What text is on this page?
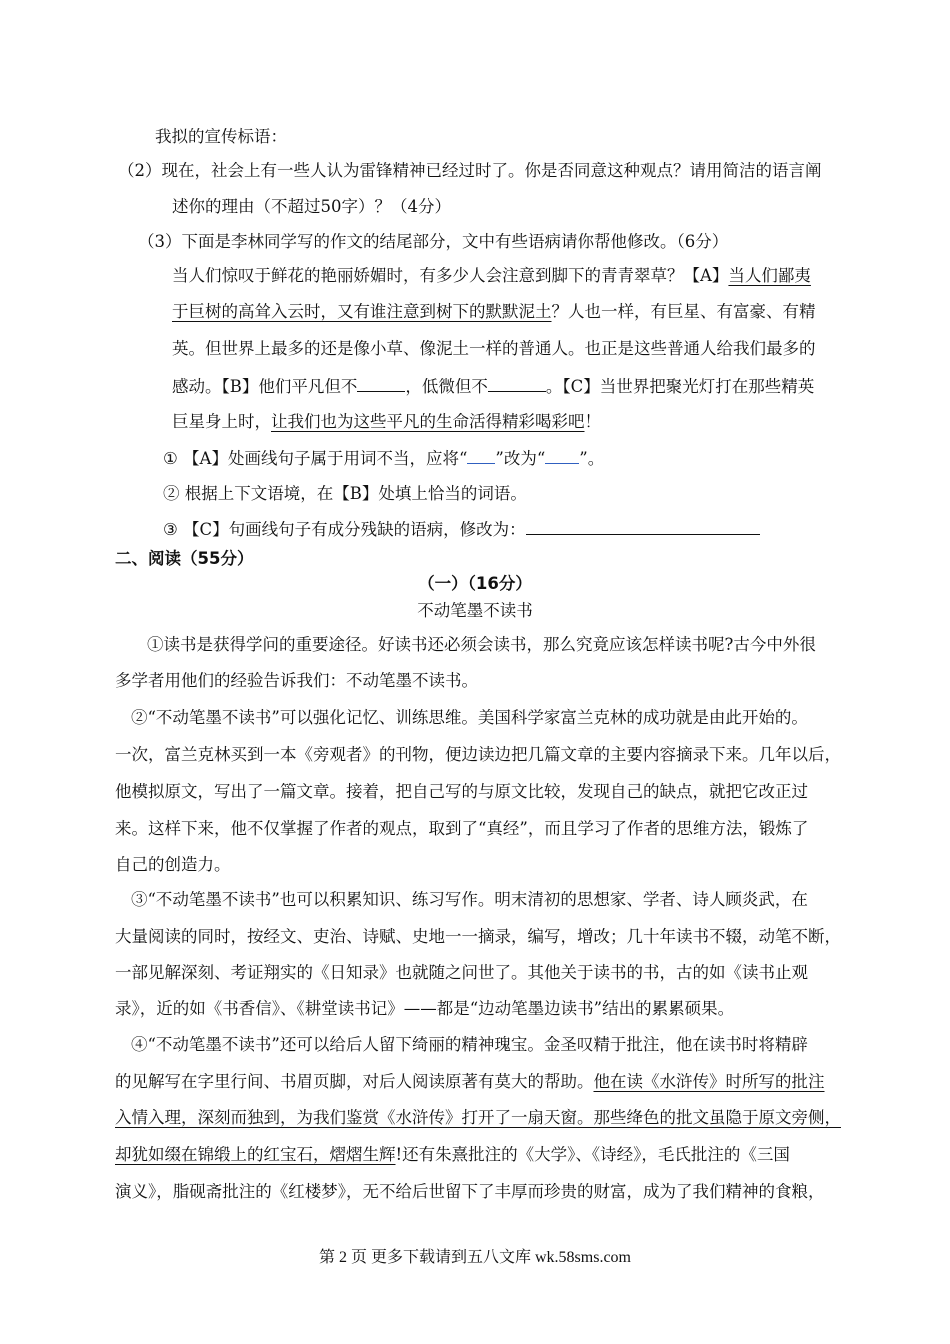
我拟的宣传标语：
（2）现在，社会上有一些人认为雷锋精神已经过时了。你是否同意这种观点？请用简洁的语言阐
述你的理由（不超过50字）？（4分）
（3）下面是李林同学写的作文的结尾部分，文中有些语病请你帮他修改。（6分）
当人们惊叹于鲜花的艳丽娇媚时，有多少人会注意到脚下的青青翠草？【A】当人们鄙夷
于巨树的高耸入云时，又有谁注意到树下的默默泥土？人也一样，有巨星、有富豪、有精
英。但世界上最多的还是像小草、像泥土一样的普通人。也正是这些普通人给我们最多的
感动。【B】他们平凡但不	，低微但不	。【C】当世界把聚光灯打在那些精英
巨星身上时，让我们也为这些平凡的生命活得精彩喝彩吧！
① 【A】处画线句子属于用词不当，应将“ ”改为“ ”。
② 根据上下文语境，在【B】处填上恰当的词语。
③ 【C】句画线句子有成分残缺的语病，修改为：
二、阅读（55分）
（一）（16分）
不动笔墨不读书
①读书是获得学问的重要途径。好读书还必须会读书，那么究竟应该怎样读书呢?古今中外很
多学者用他们的经验告诉我们：不动笔墨不读书。
②“不动笔墨不读书”可以强化记忆、训练思维。美国科学家富兰克林的成功就是由此开始的。
一次，富兰克林买到一本《旁观者》的刊物，便边读边把几篇文章的主要内容摘录下来。几年以后，
他模拟原文，写出了一篇文章。接着，把自己写的与原文比较，发现自己的缺点，就把它改正过
来。这样下来，他不仅掌握了作者的观点，取到了“真经”，而且学习了作者的思维方法，锻炼了
自己的创造力。
③“不动笔墨不读书”也可以积累知识、练习写作。明末清初的思想家、学者、诗人顾炎武，在
大量阅读的同时，按经文、吏治、诗赋、史地一一摘录，编写，增改；几十年读书不辍，动笔不断，
一部见解深刻、考证翔实的《日知录》也就随之问世了。其他关于读书的书，古的如《读书止观
录》，近的如《书香信》、《耕堂读书记》——都是“边动笔墨边读书”结出的累累硕果。
④“不动笔墨不读书”还可以给后人留下绮丽的精神瑰宝。金圣叹精于批注，他在读书时将精辟
的见解写在字里行间、书眉页脚，对后人阅读原著有莫大的帮助。他在读《水浒传》时所写的批注
入情入理，深刻而独到，为我们鉴赏《水浒传》打开了一扇天窗。那些绛色的批文虽隐于原文旁侧，
却犹如缀在锦缎上的红宝石，熠熠生辉!还有朱熹批注的《大学》、《诗经》，毛氏批注的《三国
演义》，脂砚斋批注的《红楼梦》，无不给后世留下了丰厚而珍贵的财富，成为了我们精神的食粮，
第 2 页 更多下载请到五八文库 wk.58sms.com
